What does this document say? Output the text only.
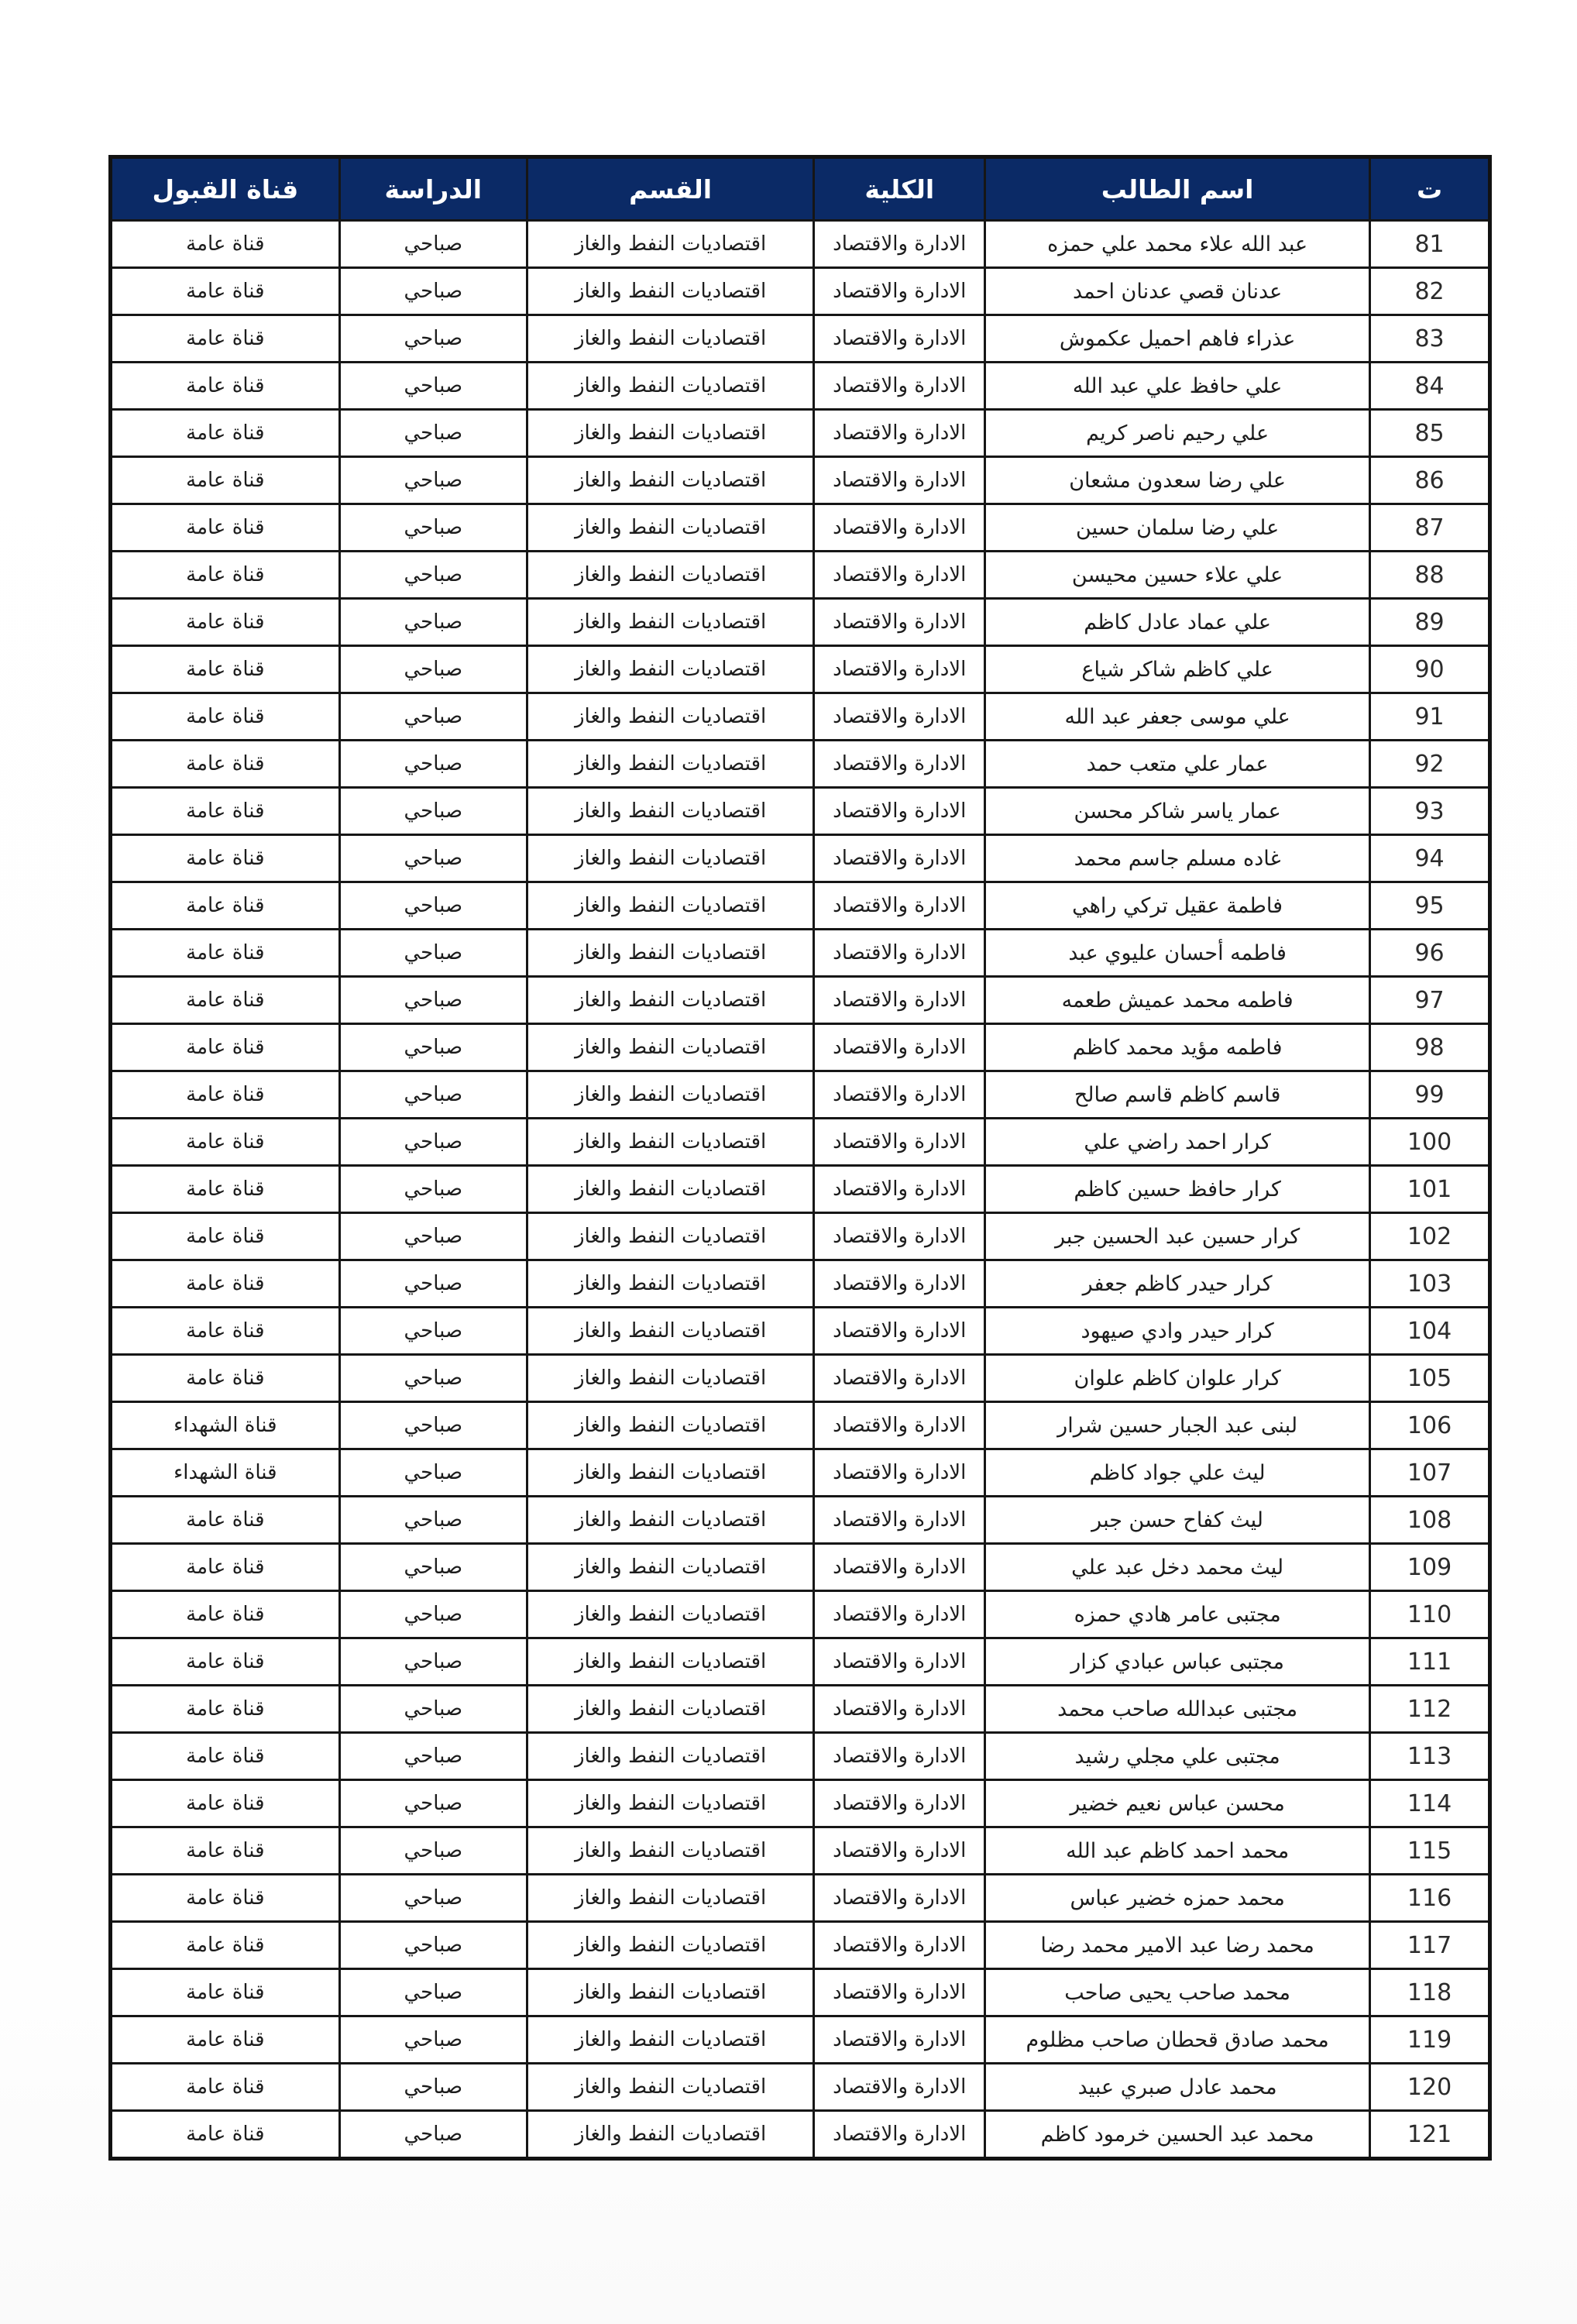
ت	اسم الطالب	الكلية	القسم	الدراسة	قناة القبول
81	عبد الله علاء محمد علي حمزه	الادارة والاقتصاد	اقتصاديات النفط والغاز	صباحي	قناة عامة
82	عدنان قصي عدنان احمد	الادارة والاقتصاد	اقتصاديات النفط والغاز	صباحي	قناة عامة
83	عذراء فاهم احميل عكموش	الادارة والاقتصاد	اقتصاديات النفط والغاز	صباحي	قناة عامة
84	علي حافظ علي عبد الله	الادارة والاقتصاد	اقتصاديات النفط والغاز	صباحي	قناة عامة
85	علي رحيم ناصر كريم	الادارة والاقتصاد	اقتصاديات النفط والغاز	صباحي	قناة عامة
86	علي رضا سعدون مشعان	الادارة والاقتصاد	اقتصاديات النفط والغاز	صباحي	قناة عامة
87	علي رضا سلمان حسين	الادارة والاقتصاد	اقتصاديات النفط والغاز	صباحي	قناة عامة
88	علي علاء حسين محيسن	الادارة والاقتصاد	اقتصاديات النفط والغاز	صباحي	قناة عامة
89	علي عماد عادل كاظم	الادارة والاقتصاد	اقتصاديات النفط والغاز	صباحي	قناة عامة
90	علي كاظم شاكر شياع	الادارة والاقتصاد	اقتصاديات النفط والغاز	صباحي	قناة عامة
91	علي موسى جعفر عبد الله	الادارة والاقتصاد	اقتصاديات النفط والغاز	صباحي	قناة عامة
92	عمار علي متعب حمد	الادارة والاقتصاد	اقتصاديات النفط والغاز	صباحي	قناة عامة
93	عمار ياسر شاكر محسن	الادارة والاقتصاد	اقتصاديات النفط والغاز	صباحي	قناة عامة
94	غاده مسلم جاسم محمد	الادارة والاقتصاد	اقتصاديات النفط والغاز	صباحي	قناة عامة
95	فاطمة عقيل تركي راهي	الادارة والاقتصاد	اقتصاديات النفط والغاز	صباحي	قناة عامة
96	فاطمه أحسان عليوي عبد	الادارة والاقتصاد	اقتصاديات النفط والغاز	صباحي	قناة عامة
97	فاطمه محمد عميش طعمه	الادارة والاقتصاد	اقتصاديات النفط والغاز	صباحي	قناة عامة
98	فاطمه مؤيد محمد كاظم	الادارة والاقتصاد	اقتصاديات النفط والغاز	صباحي	قناة عامة
99	قاسم كاظم قاسم صالح	الادارة والاقتصاد	اقتصاديات النفط والغاز	صباحي	قناة عامة
100	كرار احمد راضي علي	الادارة والاقتصاد	اقتصاديات النفط والغاز	صباحي	قناة عامة
101	كرار حافظ حسين كاظم	الادارة والاقتصاد	اقتصاديات النفط والغاز	صباحي	قناة عامة
102	كرار حسين عبد الحسين جبر	الادارة والاقتصاد	اقتصاديات النفط والغاز	صباحي	قناة عامة
103	كرار حيدر كاظم جعفر	الادارة والاقتصاد	اقتصاديات النفط والغاز	صباحي	قناة عامة
104	كرار حيدر وادي صيهود	الادارة والاقتصاد	اقتصاديات النفط والغاز	صباحي	قناة عامة
105	كرار علوان كاظم علوان	الادارة والاقتصاد	اقتصاديات النفط والغاز	صباحي	قناة عامة
106	لبنى عبد الجبار حسين شرار	الادارة والاقتصاد	اقتصاديات النفط والغاز	صباحي	قناة الشهداء
107	ليث علي جواد كاظم	الادارة والاقتصاد	اقتصاديات النفط والغاز	صباحي	قناة الشهداء
108	ليث كفاح حسن جبر	الادارة والاقتصاد	اقتصاديات النفط والغاز	صباحي	قناة عامة
109	ليث محمد دخل عبد علي	الادارة والاقتصاد	اقتصاديات النفط والغاز	صباحي	قناة عامة
110	مجتبى عامر هادي حمزه	الادارة والاقتصاد	اقتصاديات النفط والغاز	صباحي	قناة عامة
111	مجتبى عباس عبادي كزار	الادارة والاقتصاد	اقتصاديات النفط والغاز	صباحي	قناة عامة
112	مجتبى عبدالله صاحب محمد	الادارة والاقتصاد	اقتصاديات النفط والغاز	صباحي	قناة عامة
113	مجتبى علي مجلي رشيد	الادارة والاقتصاد	اقتصاديات النفط والغاز	صباحي	قناة عامة
114	محسن عباس نعيم خضير	الادارة والاقتصاد	اقتصاديات النفط والغاز	صباحي	قناة عامة
115	محمد احمد كاظم عبد الله	الادارة والاقتصاد	اقتصاديات النفط والغاز	صباحي	قناة عامة
116	محمد حمزه خضير عباس	الادارة والاقتصاد	اقتصاديات النفط والغاز	صباحي	قناة عامة
117	محمد رضا عبد الامير محمد رضا	الادارة والاقتصاد	اقتصاديات النفط والغاز	صباحي	قناة عامة
118	محمد صاحب يحيى صاحب	الادارة والاقتصاد	اقتصاديات النفط والغاز	صباحي	قناة عامة
119	محمد صادق قحطان صاحب مظلوم	الادارة والاقتصاد	اقتصاديات النفط والغاز	صباحي	قناة عامة
120	محمد عادل صبري عبيد	الادارة والاقتصاد	اقتصاديات النفط والغاز	صباحي	قناة عامة
121	محمد عبد الحسين خرمود كاظم	الادارة والاقتصاد	اقتصاديات النفط والغاز	صباحي	قناة عامة
